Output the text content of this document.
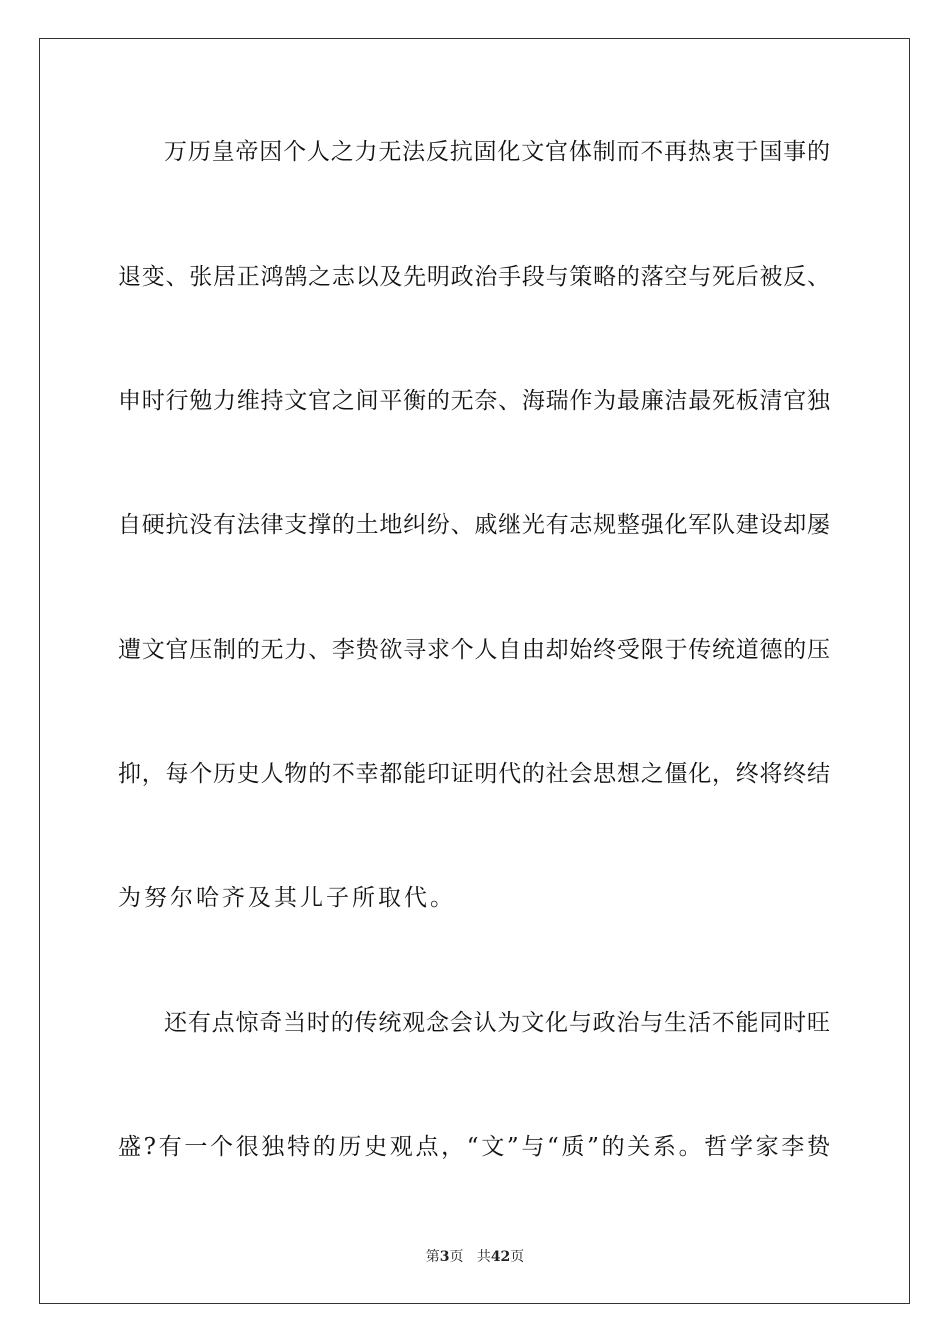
万历皇帝因个人之力无法反抗固化文官体制而不再热衷于国事的
退变、张居正鸿鹄之志以及先明政治手段与策略的落空与死后被反、
申时行勉力维持文官之间平衡的无奈、海瑞作为最廉洁最死板清官独
自硬抗没有法律支撑的土地纠纷、戚继光有志规整强化军队建设却屡
遭文官压制的无力、李贽欲寻求个人自由却始终受限于传统道德的压
抑，每个历史人物的不幸都能印证明代的社会思想之僵化，终将终结
为努尔哈齐及其儿子所取代。
还有点惊奇当时的传统观念会认为文化与政治与生活不能同时旺
盛?有一个很独特的历史观点，“文”与“质”的关系。哲学家李贽
第3页 共42页
